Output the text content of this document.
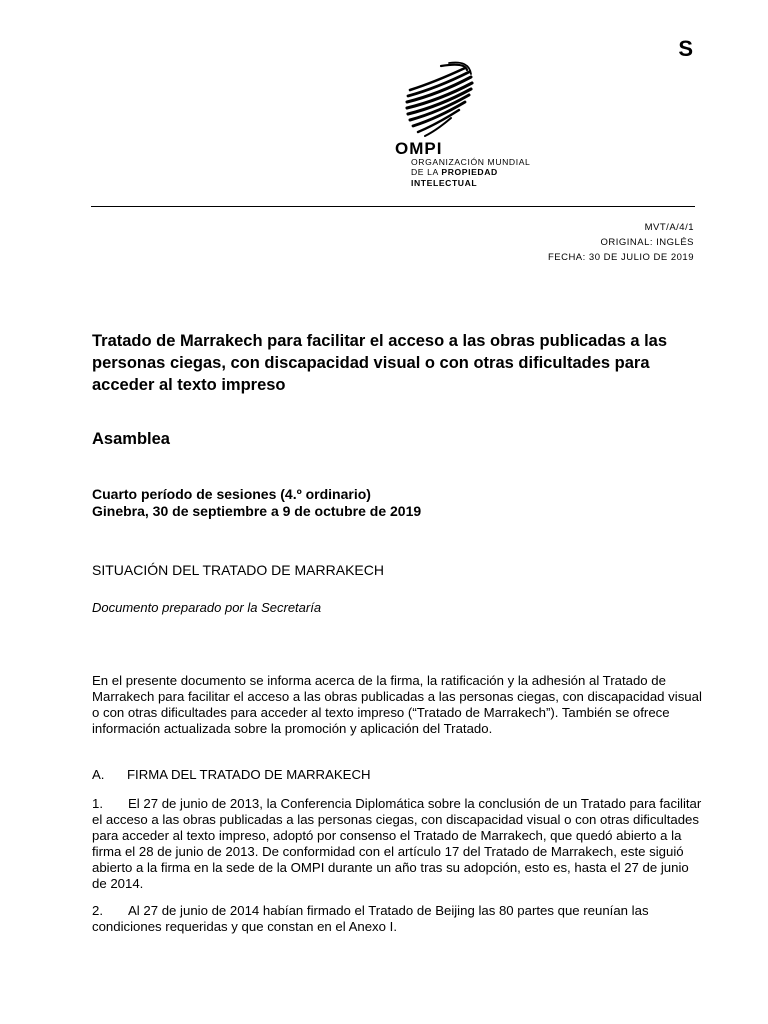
S
OMPI
ORGANIZACIÓN MUNDIAL
DE LA PROPIEDAD
INTELECTUAL
MVT/A/4/1
ORIGINAL: INGLÉS
FECHA: 30 DE JULIO DE 2019
Tratado de Marrakech para facilitar el acceso a las obras publicadas a las personas ciegas, con discapacidad visual o con otras dificultades para acceder al texto impreso
Asamblea
Cuarto período de sesiones (4.º ordinario)
Ginebra, 30 de septiembre a 9 de octubre de 2019
SITUACIÓN DEL TRATADO DE MARRAKECH
Documento preparado por la Secretaría
En el presente documento se informa acerca de la firma, la ratificación y la adhesión al Tratado de Marrakech para facilitar el acceso a las obras publicadas a las personas ciegas, con discapacidad visual o con otras dificultades para acceder al texto impreso (“Tratado de Marrakech”). También se ofrece información actualizada sobre la promoción y aplicación del Tratado.
A. FIRMA DEL TRATADO DE MARRAKECH
1. El 27 de junio de 2013, la Conferencia Diplomática sobre la conclusión de un Tratado para facilitar el acceso a las obras publicadas a las personas ciegas, con discapacidad visual o con otras dificultades para acceder al texto impreso, adoptó por consenso el Tratado de Marrakech, que quedó abierto a la firma el 28 de junio de 2013. De conformidad con el artículo 17 del Tratado de Marrakech, este siguió abierto a la firma en la sede de la OMPI durante un año tras su adopción, esto es, hasta el 27 de junio de 2014.
2. Al 27 de junio de 2014 habían firmado el Tratado de Beijing las 80 partes que reunían las condiciones requeridas y que constan en el Anexo I.
